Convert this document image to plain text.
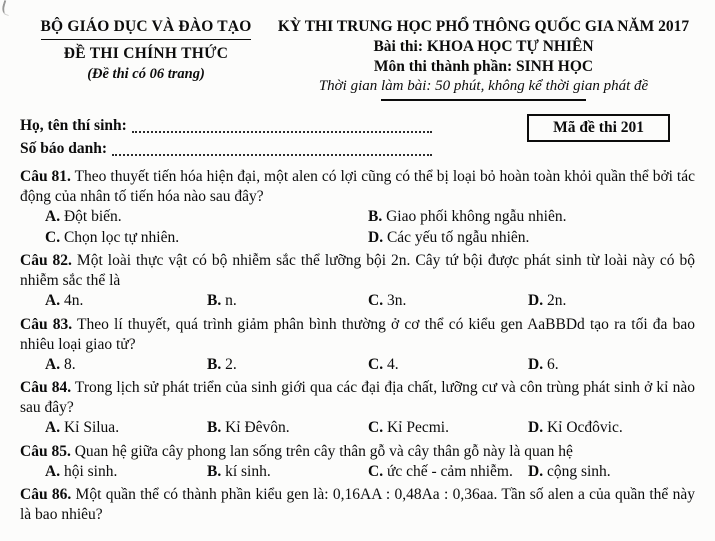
BỘ GIÁO DỤC VÀ ĐÀO TẠO
ĐỀ THI CHÍNH THỨC
(Đề thi có 06 trang)
KỲ THI TRUNG HỌC PHỔ THÔNG QUỐC GIA NĂM 2017
Bài thi: KHOA HỌC TỰ NHIÊN
Môn thi thành phần: SINH HỌC
Thời gian làm bài: 50 phút, không kể thời gian phát đề
Họ, tên thí sinh:
Số báo danh:
Mã đề thi 201

Câu 81. Theo thuyết tiến hóa hiện đại, một alen có lợi cũng có thể bị loại bỏ hoàn toàn khỏi quần thể bởi tác động của nhân tố tiến hóa nào sau đây?

A. Đột biến.	B. Giao phối không ngẫu nhiên.
C. Chọn lọc tự nhiên.	D. Các yếu tố ngẫu nhiên.

Câu 82. Một loài thực vật có bộ nhiễm sắc thể lưỡng bội 2n. Cây tứ bội được phát sinh từ loài này có bộ nhiễm sắc thể là

A. 4n.	B. n.	C. 3n.	D. 2n.

Câu 83. Theo lí thuyết, quá trình giảm phân bình thường ở cơ thể có kiểu gen AaBBDd tạo ra tối đa bao nhiêu loại giao tử?

A. 8.	B. 2.	C. 4.	D. 6.

Câu 84. Trong lịch sử phát triển của sinh giới qua các đại địa chất, lưỡng cư và côn trùng phát sinh ở kỉ nào sau đây?

A. Kỉ Silua.	B. Kỉ Đêvôn.	C. Kỉ Pecmi.	D. Kỉ Ocđôvic.

Câu 85. Quan hệ giữa cây phong lan sống trên cây thân gỗ và cây thân gỗ này là quan hệ

A. hội sinh.	B. kí sinh.	C. ức chế - cảm nhiễm. D. cộng sinh.

Câu 86. Một quần thể có thành phần kiểu gen là: 0,16AA : 0,48Aa : 0,36aa. Tần số alen a của quần thể này là bao nhiêu?
